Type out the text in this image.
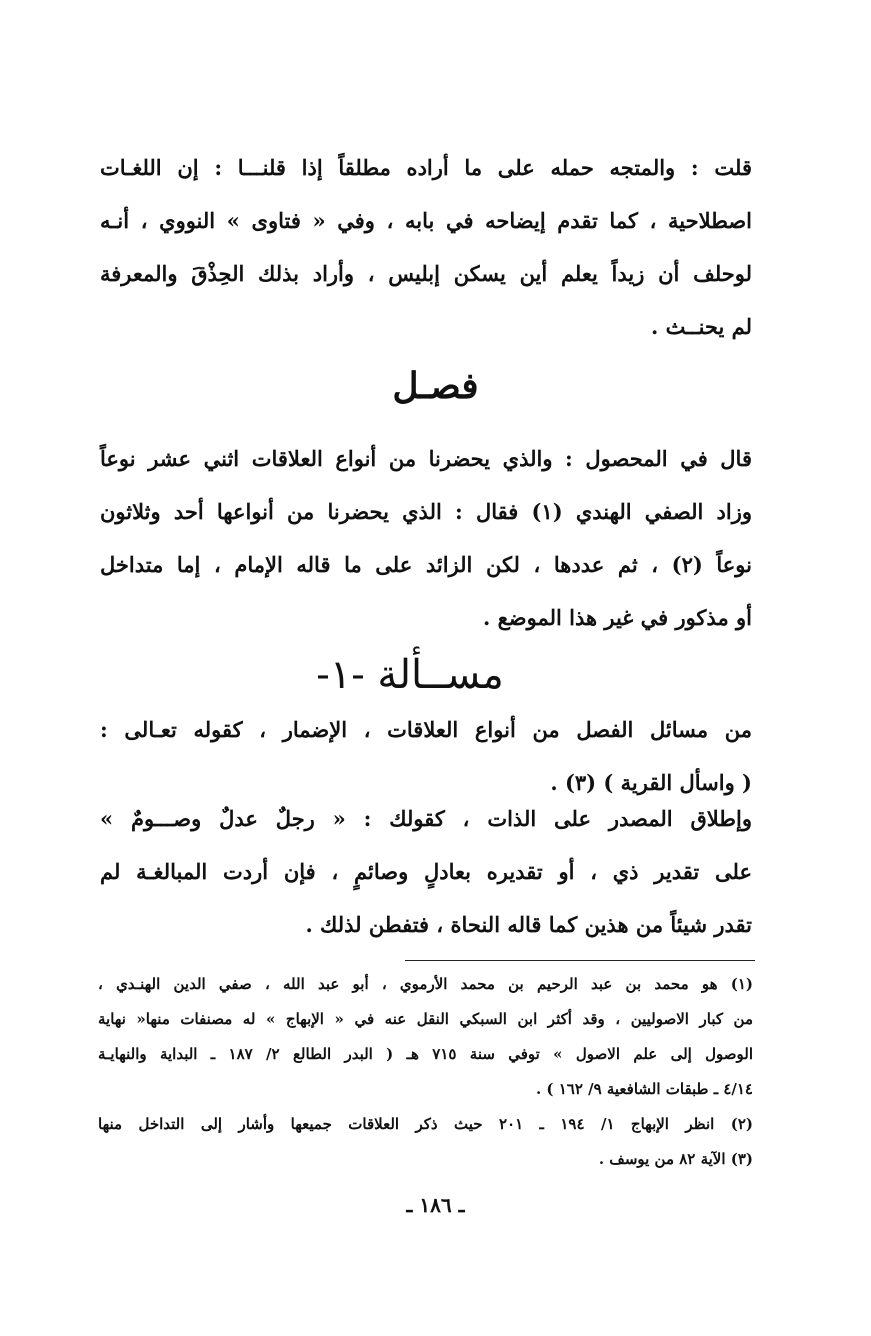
قلت : والمتجه حمله على ما أراده مطلقاً إذا قلنـــا : إن اللغـات
اصطلاحية ، كما تقدم إيضاحه في بابه ، وفي « فتاوى » النووي ، أنـه
لوحلف أن زيداً يعلم أين يسكن إبليس ، وأراد بذلك الحِذْقَ والمعرفة
لم يحنــث .
فصـل
قال في المحصول : والذي يحضرنا من أنواع العلاقات اثني عشر نوعاً
وزاد الصفي الهندي (١) فقال : الذي يحضرنا من أنواعها أحد وثلاثون
نوعاً (٢) ، ثم عددها ، لكن الزائد على ما قاله الإمام ، إما متداخل
أو مذكور في غير هذا الموضع .
مســألة -١-
من مسائل الفصل من أنواع العلاقات ، الإضمار ، كقوله تعـالى :
( واسأل القرية ) (٣) .
وإطلاق المصدر على الذات ، كقولك : « رجلٌ عدلٌ وصـــومٌ »
على تقدير ذي ، أو تقديره بعادلٍ وصائمٍ ، فإن أردت المبالغـة لم
تقدر شيئاً من هذين كما قاله النحاة ، فتفطن لذلك .
(١) هو محمد بن عبد الرحيم بن محمد الأرموي ، أبو عبد الله ، صفي الدين الهنـدي ،
من كبار الاصوليين ، وقد أكثر ابن السبكي النقل عنه في « الإبهاج » له مصنفات منها« نهاية
الوصول إلى علم الاصول » توفي سنة ٧١٥ هـ ( البدر الطالع ٢/ ١٨٧ ـ البداية والنهايـة
٤/١٤ ـ طبقات الشافعية ٩/ ١٦٢ ) .
(٢) انظر الإبهاج ١/ ١٩٤ ـ ٢٠١ حيث ذكر العلاقات جميعها وأشار إلى التداخل منها
(٣) الآية ٨٢ من يوسف .
ـ ١٨٦ ـ
